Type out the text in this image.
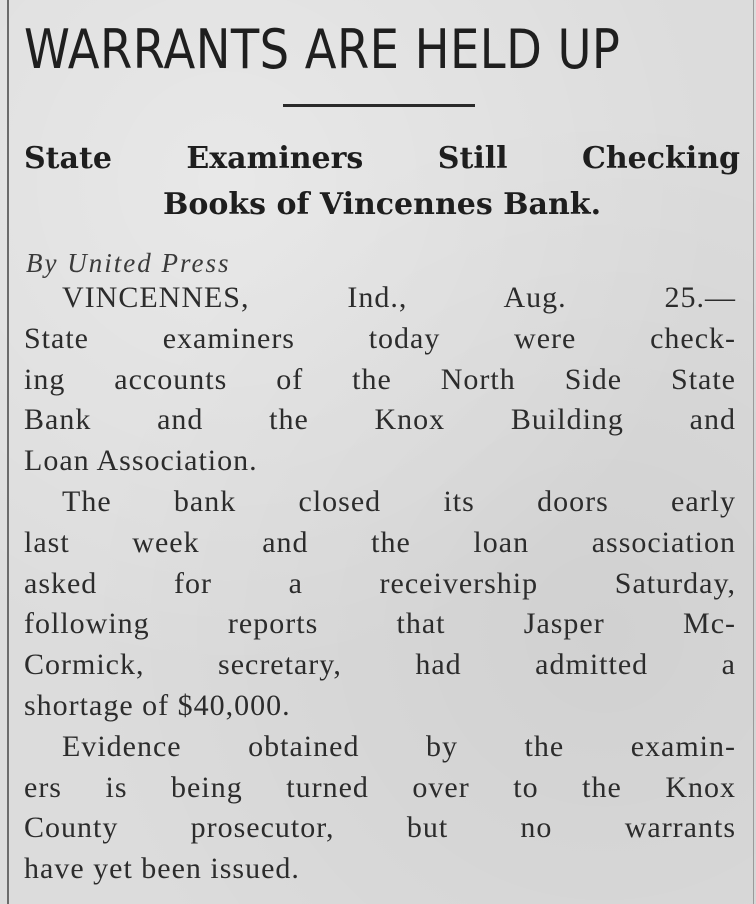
WARRANTS ARE HELD UP
State Examiners Still Checking
Books of Vincennes Bank.

By United Press

VINCENNES, Ind., Aug. 25.—
State examiners today were check-
ing accounts of the North Side State
Bank and the Knox Building and
Loan Association.
The bank closed its doors early
last week and the loan association
asked for a receivership Saturday,
following reports that Jasper Mc-
Cormick, secretary, had admitted a
shortage of $40,000.
Evidence obtained by the examin-
ers is being turned over to the Knox
County prosecutor, but no warrants
have yet been issued.
